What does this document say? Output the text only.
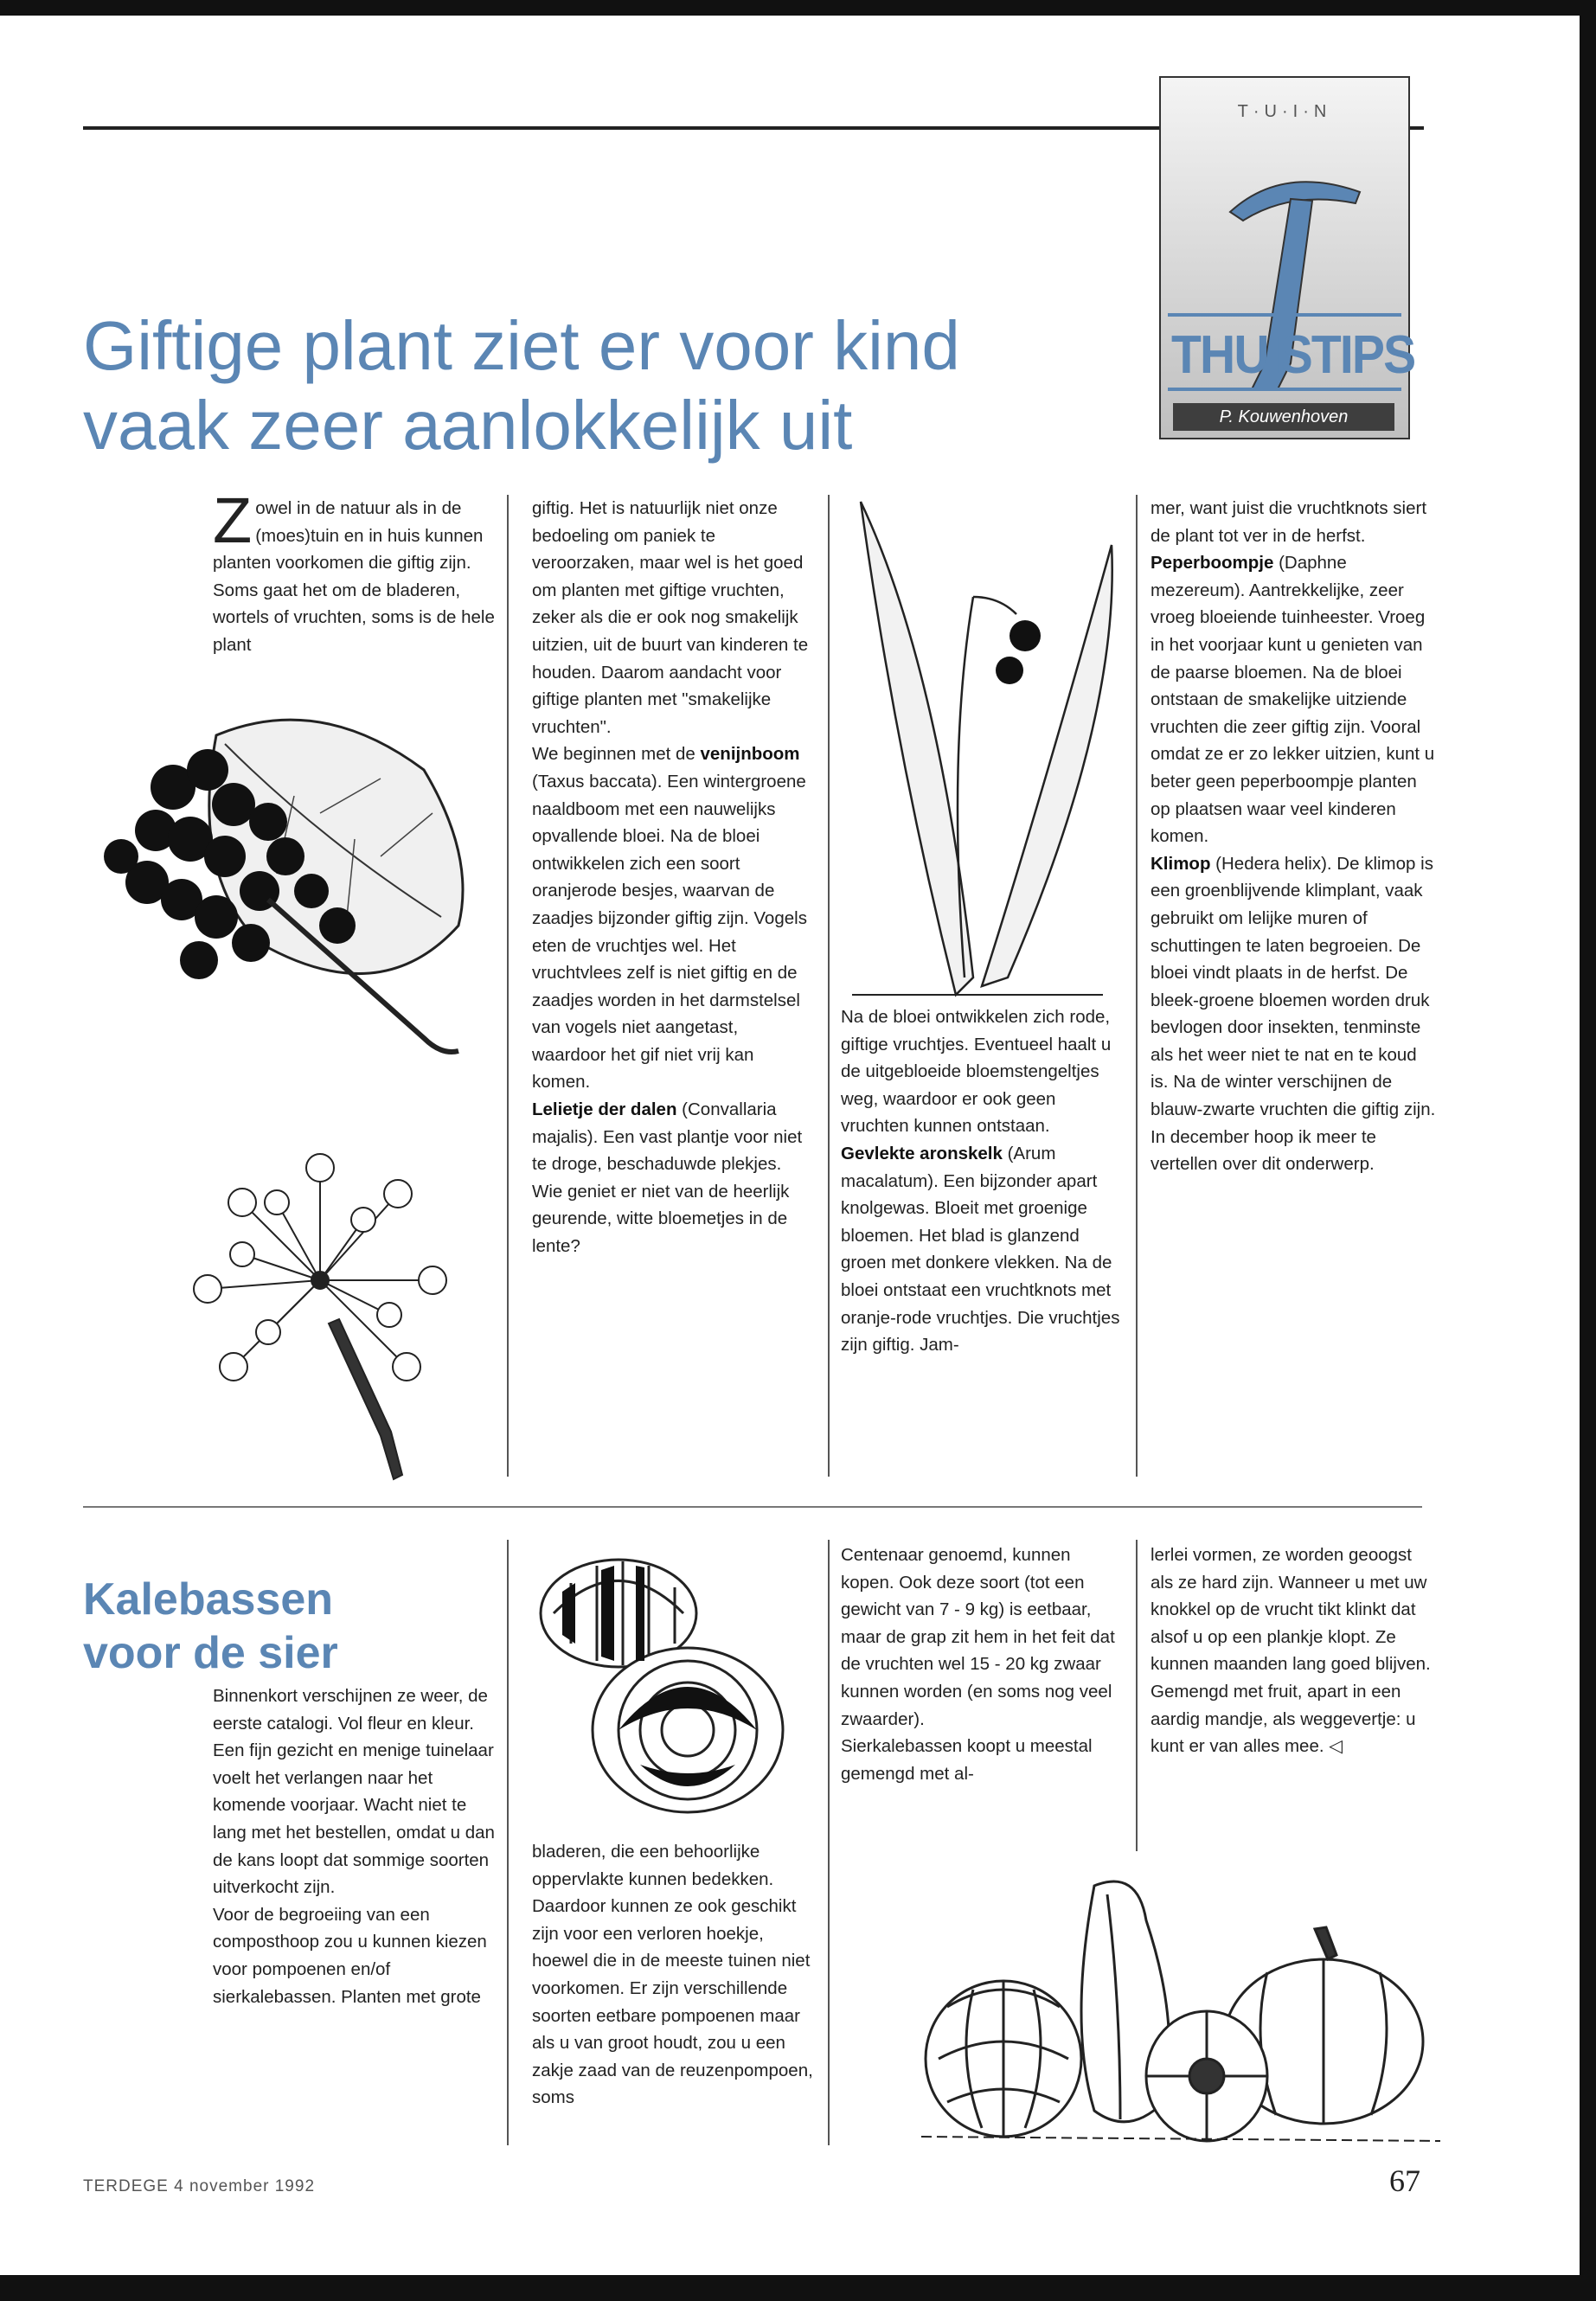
Giftige plant ziet er voor kind vaak zeer aanlokkelijk uit
T·U·I·N
THUISTIPS
P. Kouwenhoven

Zowel in de natuur als in de (moes)tuin en in huis kunnen planten voorkomen die giftig zijn. Soms gaat het om de bladeren, wortels of vruchten, soms is de hele plant

giftig. Het is natuurlijk niet onze bedoeling om paniek te veroorzaken, maar wel is het goed om planten met giftige vruchten, zeker als die er ook nog smakelijk uitzien, uit de buurt van kinderen te houden. Daarom aandacht voor giftige planten met "smakelijke vruchten".

We beginnen met de venijnboom (Taxus baccata). Een wintergroene naaldboom met een nauwelijks opvallende bloei. Na de bloei ontwikkelen zich een soort oranjerode besjes, waarvan de zaadjes bijzonder giftig zijn. Vogels eten de vruchtjes wel. Het vruchtvlees zelf is niet giftig en de zaadjes worden in het darmstelsel van vogels niet aangetast, waardoor het gif niet vrij kan komen.

Lelietje der dalen (Convallaria majalis). Een vast plantje voor niet te droge, beschaduwde plekjes. Wie geniet er niet van de heerlijk geurende, witte bloemetjes in de lente?

Na de bloei ontwikkelen zich rode, giftige vruchtjes. Eventueel haalt u de uitgebloeide bloemstengeltjes weg, waardoor er ook geen vruchten kunnen ontstaan.

Gevlekte aronskelk (Arum macalatum). Een bijzonder apart knolgewas. Bloeit met groenige bloemen. Het blad is glanzend groen met donkere vlekken. Na de bloei ontstaat een vruchtknots met oranje-rode vruchtjes. Die vruchtjes zijn giftig. Jam-

mer, want juist die vruchtknots siert de plant tot ver in de herfst.

Peperboompje (Daphne mezereum). Aantrekkelijke, zeer vroeg bloeiende tuinheester. Vroeg in het voorjaar kunt u genieten van de paarse bloemen. Na de bloei ontstaan de smakelijke uitziende vruchten die zeer giftig zijn. Vooral omdat ze er zo lekker uitzien, kunt u beter geen peperboompje planten op plaatsen waar veel kinderen komen.

Klimop (Hedera helix). De klimop is een groenblijvende klimplant, vaak gebruikt om lelijke muren of schuttingen te laten begroeien. De bloei vindt plaats in de herfst. De bleek-groene bloemen worden druk bevlogen door insekten, tenminste als het weer niet te nat en te koud is. Na de winter verschijnen de blauw-zwarte vruchten die giftig zijn.

In december hoop ik meer te vertellen over dit onderwerp.

Kalebassen voor de sier

Binnenkort verschijnen ze weer, de eerste catalogi. Vol fleur en kleur. Een fijn gezicht en menige tuinelaar voelt het verlangen naar het komende voorjaar. Wacht niet te lang met het bestellen, omdat u dan de kans loopt dat sommige soorten uitverkocht zijn.

Voor de begroeiing van een composthoop zou u kunnen kiezen voor pompoenen en/of sierkalebassen. Planten met grote

bladeren, die een behoorlijke oppervlakte kunnen bedekken. Daardoor kunnen ze ook geschikt zijn voor een verloren hoekje, hoewel die in de meeste tuinen niet voorkomen. Er zijn verschillende soorten eetbare pompoenen maar als u van groot houdt, zou u een zakje zaad van de reuzenpompoen, soms

Centenaar genoemd, kunnen kopen. Ook deze soort (tot een gewicht van 7 - 9 kg) is eetbaar, maar de grap zit hem in het feit dat de vruchten wel 15 - 20 kg zwaar kunnen worden (en soms nog veel zwaarder).

Sierkalebassen koopt u meestal gemengd met al-

lerlei vormen, ze worden geoogst als ze hard zijn. Wanneer u met uw knokkel op de vrucht tikt klinkt dat alsof u op een plankje klopt. Ze kunnen maanden lang goed blijven. Gemengd met fruit, apart in een aardig mandje, als weggevertje: u kunt er van alles mee. ◁

TERDEGE 4 november 1992	67
